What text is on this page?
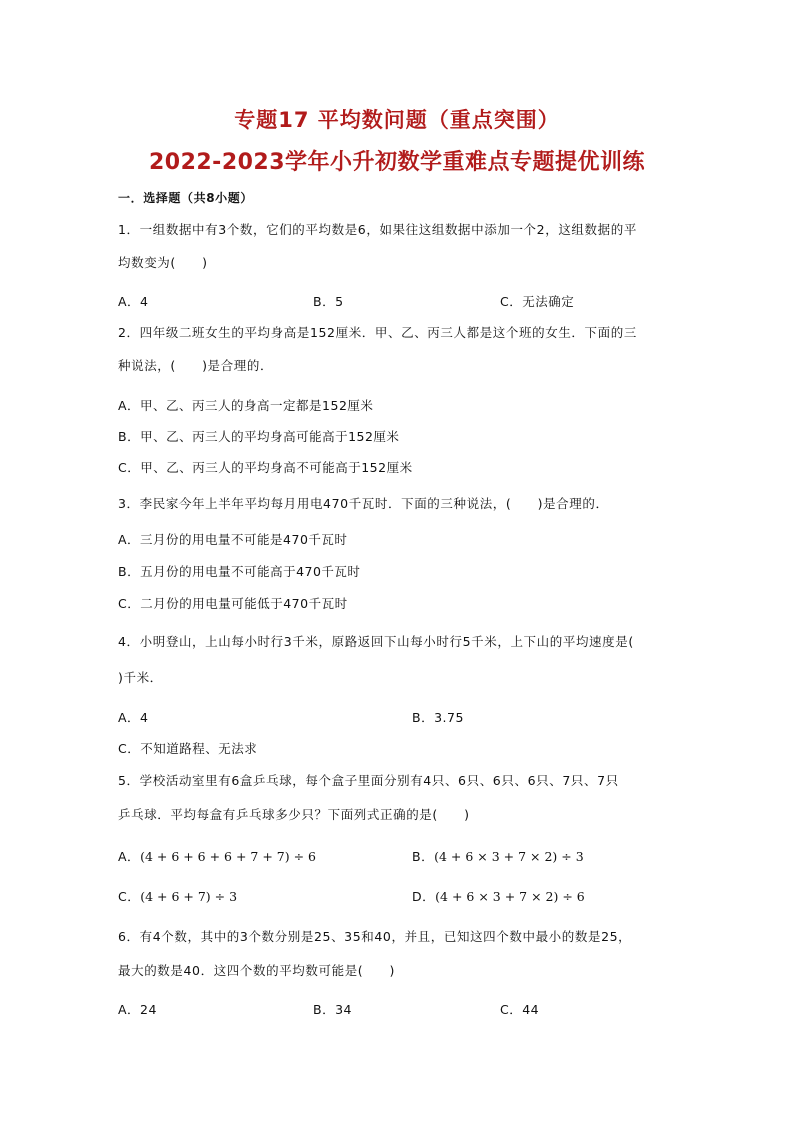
专题17 平均数问题（重点突围）
2022-2023学年小升初数学重难点专题提优训练
一．选择题（共8小题）
1．一组数据中有3个数，它们的平均数是6，如果往这组数据中添加一个2，这组数据的平
均数变为(　　)
A．4	B．5	C．无法确定
2．四年级二班女生的平均身高是152厘米．甲、乙、丙三人都是这个班的女生．下面的三
种说法，(　　)是合理的．
A．甲、乙、丙三人的身高一定都是152厘米
B．甲、乙、丙三人的平均身高可能高于152厘米
C．甲、乙、丙三人的平均身高不可能高于152厘米
3．李民家今年上半年平均每月用电470千瓦时．下面的三种说法，(　　)是合理的．
A．三月份的用电量不可能是470千瓦时
B．五月份的用电量不可能高于470千瓦时
C．二月份的用电量可能低于470千瓦时
4．小明登山，上山每小时行3千米，原路返回下山每小时行5千米，上下山的平均速度是(
)千米．
A．4	B．3.75
C．不知道路程、无法求
5．学校活动室里有6盒乒乓球，每个盒子里面分别有4只、6只、6只、6只、7只、7只
乒乓球．平均每盒有乒乓球多少只？下面列式正确的是(　　)
A．(4 + 6 + 6 + 6 + 7 + 7) ÷ 6	B．(4 + 6 × 3 + 7 × 2) ÷ 3
C．(4 + 6 + 7) ÷ 3	D．(4 + 6 × 3 + 7 × 2) ÷ 6
6．有4个数，其中的3个数分别是25、35和40，并且，已知这四个数中最小的数是25，
最大的数是40．这四个数的平均数可能是(　　)
A．24	B．34	C．44
